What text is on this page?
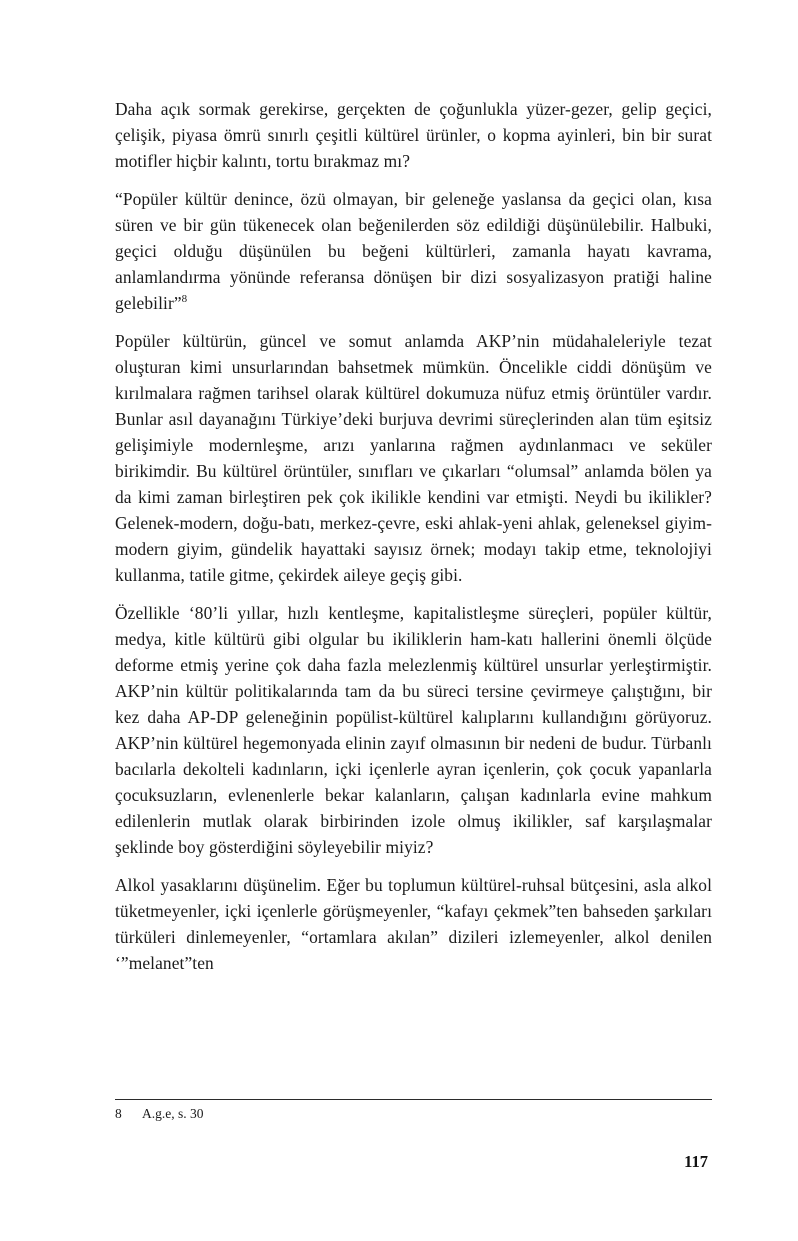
Daha açık sormak gerekirse, gerçekten de çoğunlukla yüzer-gezer, gelip geçici, çelişik, piyasa ömrü sınırlı çeşitli kültürel ürünler, o kopma ayinleri, bin bir surat motifler hiçbir kalıntı, tortu bırakmaz mı?

“Popüler kültür denince, özü olmayan, bir geleneğe yaslansa da geçici olan, kısa süren ve bir gün tükenecek olan beğenilerden söz edildiği düşünülebilir. Halbuki, geçici olduğu düşünülen bu beğeni kültürleri, zamanla hayatı kavrama, anlamlandırma yönünde referansa dönüşen bir dizi sosyalizasyon pratiği haline gelebilir”$^8$

Popüler kültürün, güncel ve somut anlamda AKP’nin müdahaleleriyle tezat oluşturan kimi unsurlarından bahsetmek mümkün. Öncelikle ciddi dönüşüm ve kırılmalara rağmen tarihsel olarak kültürel dokumuza nüfuz etmiş örüntüler vardır. Bunlar asıl dayanağını Türkiye’deki burjuva devrimi süreçlerinden alan tüm eşitsiz gelişimiyle modernleşme, arızı yanlarına rağmen aydınlanmacı ve seküler birikimdir. Bu kültürel örüntüler, sınıfları ve çıkarları “olumsal” anlamda bölen ya da kimi zaman birleştiren pek çok ikilikle kendini var etmişti. Neydi bu ikilikler? Gelenek-modern, doğu-batı, merkez-çevre, eski ahlak-yeni ahlak, geleneksel giyim-modern giyim, gündelik hayattaki sayısız örnek; modayı takip etme, teknolojiyi kullanma, tatile gitme, çekirdek aileye geçiş gibi.

Özellikle ‘80’li yıllar, hızlı kentleşme, kapitalistleşme süreçleri, popüler kültür, medya, kitle kültürü gibi olgular bu ikiliklerin ham-katı hallerini önemli ölçüde deforme etmiş yerine çok daha fazla melezlenmiş kültürel unsurlar yerleştirmiştir. AKP’nin kültür politikalarında tam da bu süreci tersine çevirmeye çalıştığını, bir kez daha AP-DP geleneğinin popülist-kültürel kalıplarını kullandığını görüyoruz. AKP’nin kültürel hegemonyada elinin zayıf olmasının bir nedeni de budur. Türbanlı bacılarla dekolteli kadınların, içki içenlerle ayran içenlerin, çok çocuk yapanlarla çocuksuzların, evlenenlerle bekar kalanların, çalışan kadınlarla evine mahkum edilenlerin mutlak olarak birbirinden izole olmuş ikilikler, saf karşılaşmalar şeklinde boy gösterdiğini söyleyebilir miyiz?

Alkol yasaklarını düşünelim. Eğer bu toplumun kültürel-ruhsal bütçesini, asla alkol tüketmeyenler, içki içenlerle görüşmeyenler, “kafayı çekmek”ten bahseden şarkıları türküleri dinlemeyenler, “ortamlara akılan” dizileri izlemeyenler, alkol denilen ‘”melanet”ten

8 A.g.e, s. 30
117
